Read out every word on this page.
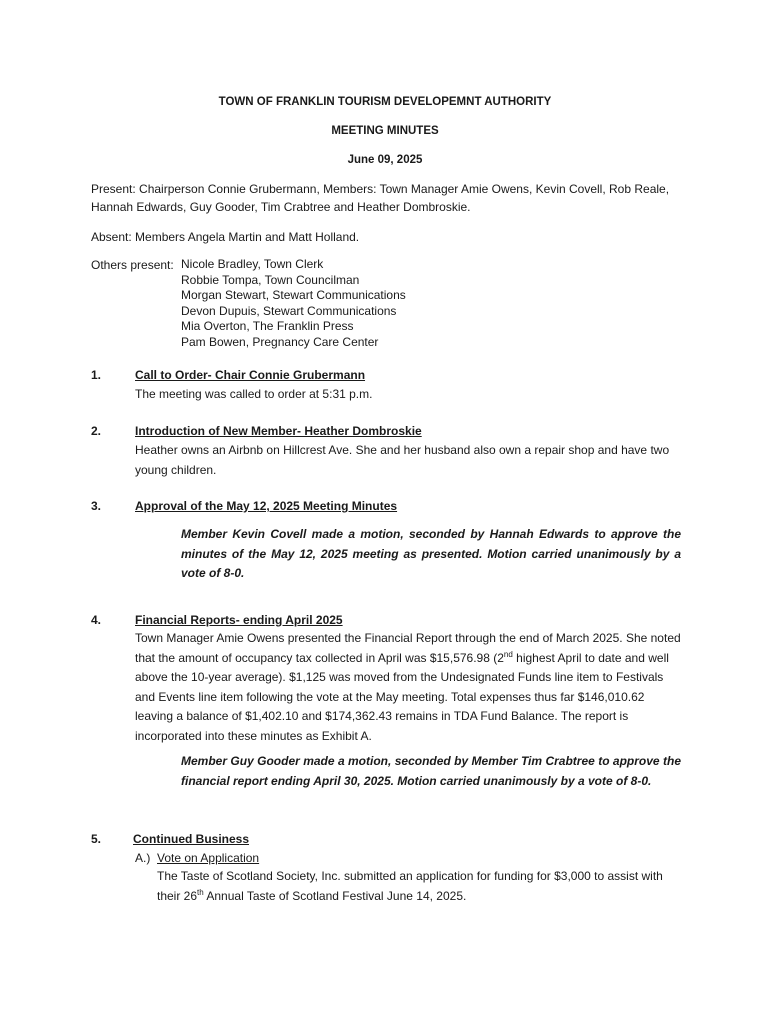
TOWN OF FRANKLIN TOURISM DEVELOPEMNT AUTHORITY
MEETING MINUTES
June 09, 2025
Present: Chairperson Connie Grubermann, Members: Town Manager Amie Owens, Kevin Covell, Rob Reale, Hannah Edwards, Guy Gooder, Tim Crabtree and Heather Dombroskie.
Absent: Members Angela Martin and Matt Holland.
Others present: Nicole Bradley, Town Clerk
Robbie Tompa, Town Councilman
Morgan Stewart, Stewart Communications
Devon Dupuis, Stewart Communications
Mia Overton, The Franklin Press
Pam Bowen, Pregnancy Care Center
1.	Call to Order- Chair Connie Grubermann
The meeting was called to order at 5:31 p.m.
2.	Introduction of New Member- Heather Dombroskie
Heather owns an Airbnb on Hillcrest Ave. She and her husband also own a repair shop and have two young children.
3.	Approval of the May 12, 2025 Meeting Minutes
Member Kevin Covell made a motion, seconded by Hannah Edwards to approve the minutes of the May 12, 2025 meeting as presented. Motion carried unanimously by a vote of 8-0.
4.	Financial Reports- ending April 2025
Town Manager Amie Owens presented the Financial Report through the end of March 2025. She noted that the amount of occupancy tax collected in April was $15,576.98 (2nd highest April to date and well above the 10-year average). $1,125 was moved from the Undesignated Funds line item to Festivals and Events line item following the vote at the May meeting. Total expenses thus far $146,010.62 leaving a balance of $1,402.10 and $174,362.43 remains in TDA Fund Balance. The report is incorporated into these minutes as Exhibit A.
Member Guy Gooder made a motion, seconded by Member Tim Crabtree to approve the financial report ending April 30, 2025. Motion carried unanimously by a vote of 8-0.
5.	Continued Business
A.) Vote on Application
The Taste of Scotland Society, Inc. submitted an application for funding for $3,000 to assist with their 26th Annual Taste of Scotland Festival June 14, 2025.
